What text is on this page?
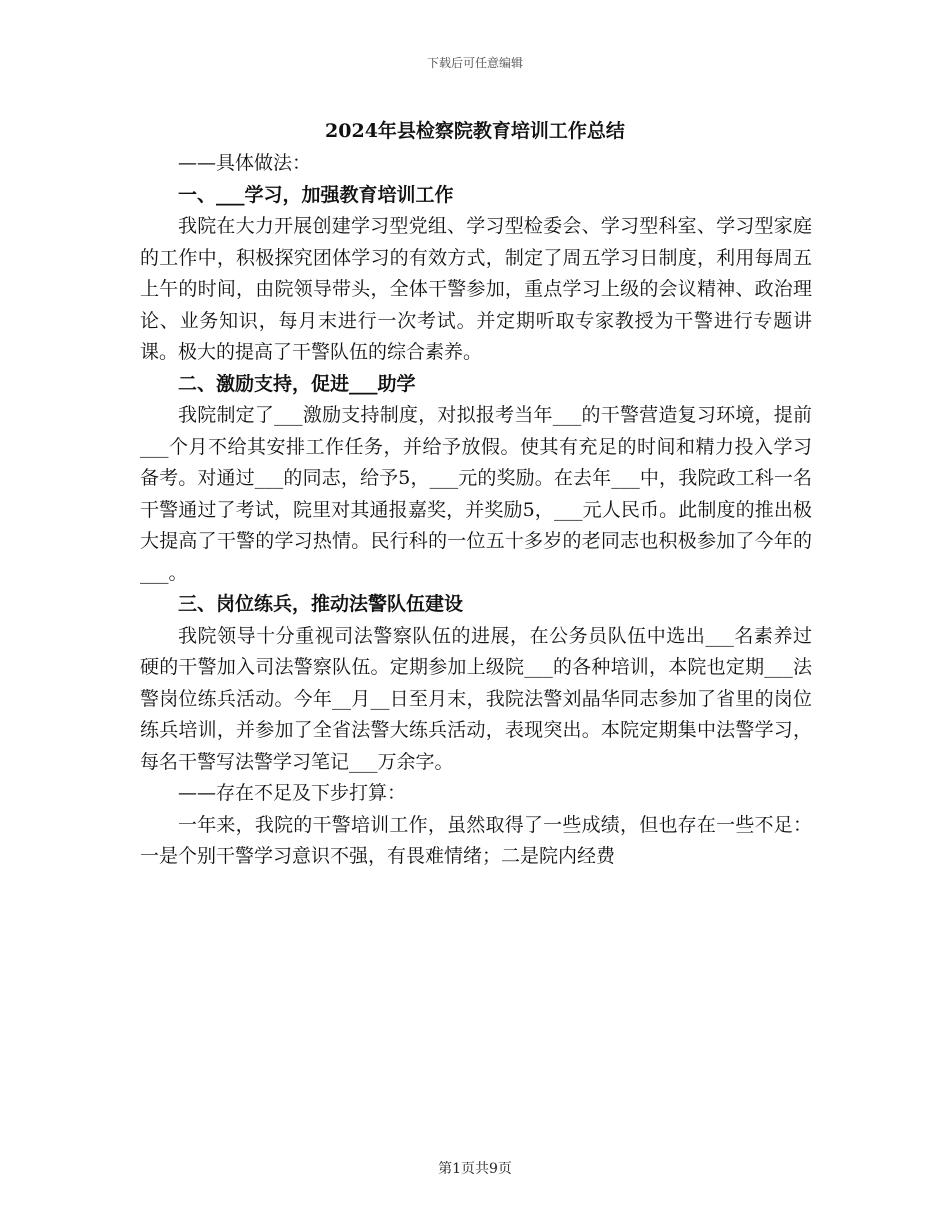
下载后可任意编辑
2024年县检察院教育培训工作总结

——具体做法：

一、___学习，加强教育培训工作

我院在大力开展创建学习型党组、学习型检委会、学习型科室、学习型家庭的工作中，积极探究团体学习的有效方式，制定了周五学习日制度，利用每周五上午的时间，由院领导带头，全体干警参加，重点学习上级的会议精神、政治理论、业务知识，每月末进行一次考试。并定期听取专家教授为干警进行专题讲课。极大的提高了干警队伍的综合素养。

二、激励支持，促进___助学

我院制定了___激励支持制度，对拟报考当年___的干警营造复习环境，提前___个月不给其安排工作任务，并给予放假。使其有充足的时间和精力投入学习备考。对通过___的同志，给予5，___元的奖励。在去年___中，我院政工科一名干警通过了考试，院里对其通报嘉奖，并奖励5，___元人民币。此制度的推出极大提高了干警的学习热情。民行科的一位五十多岁的老同志也积极参加了今年的___。

三、岗位练兵，推动法警队伍建设

我院领导十分重视司法警察队伍的进展，在公务员队伍中选出___名素养过硬的干警加入司法警察队伍。定期参加上级院___的各种培训，本院也定期___法警岗位练兵活动。今年__月__日至月末，我院法警刘晶华同志参加了省里的岗位练兵培训，并参加了全省法警大练兵活动，表现突出。本院定期集中法警学习，每名干警写法警学习笔记___万余字。

——存在不足及下步打算：

一年来，我院的干警培训工作，虽然取得了一些成绩，但也存在一些不足：一是个别干警学习意识不强，有畏难情绪；二是院内经费

第1页共9页
